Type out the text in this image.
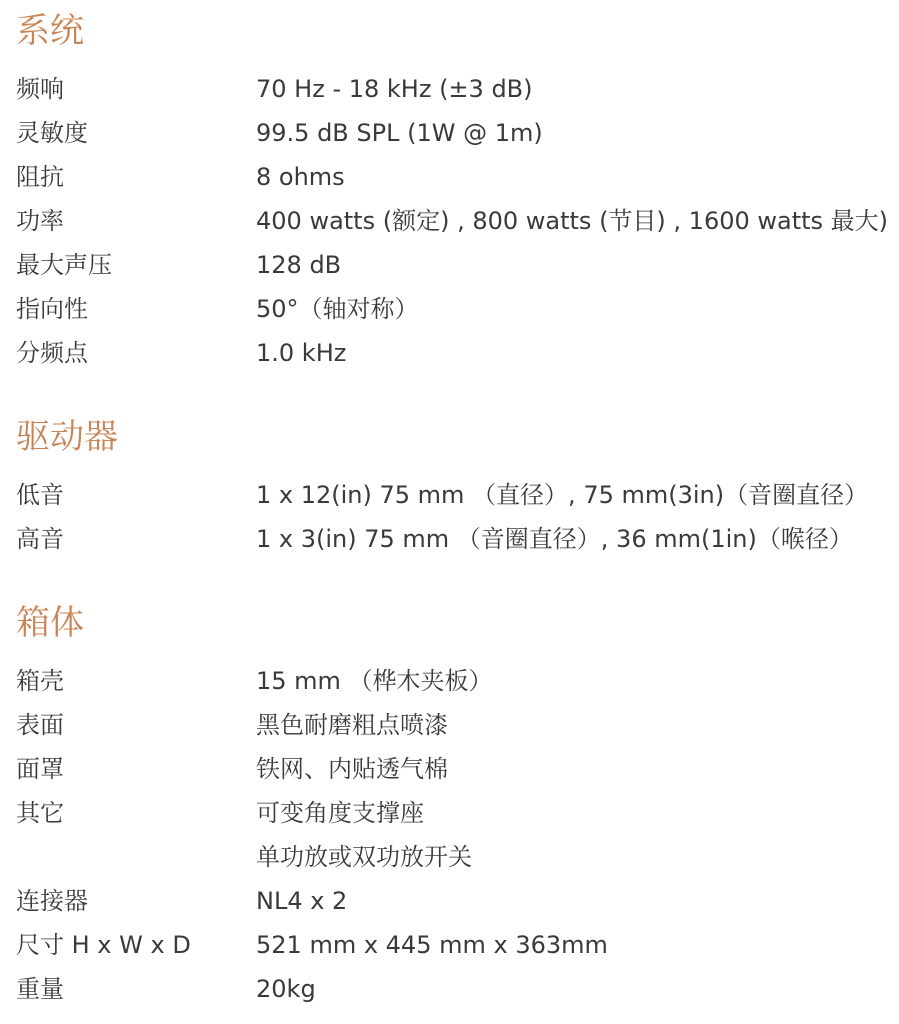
系统
频响	70 Hz - 18 kHz (±3 dB)
灵敏度	99.5 dB SPL (1W @ 1m)
阻抗	8 ohms
功率	400 watts (额定) , 800 watts (节目) , 1600 watts 最大)
最大声压	128 dB
指向性	50°（轴对称）
分频点	1.0 kHz
驱动器
低音	1 x 12(in) 75 mm （直径）, 75 mm(3in)（音圈直径）
高音	1 x 3(in) 75 mm （音圈直径）, 36 mm(1in)（喉径）
箱体
箱壳	15 mm （桦木夹板）
表面	黑色耐磨粗点喷漆
面罩	铁网、内贴透气棉
其它	可变角度支撑座
单功放或双功放开关
连接器	NL4 x 2
尺寸 H x W x D	521 mm x 445 mm x 363mm
重量	20kg
